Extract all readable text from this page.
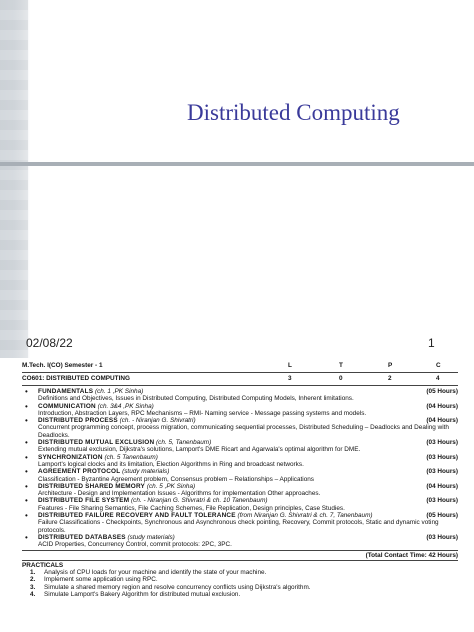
Distributed Computing
02/08/22	1
M.Tech. I(CO) Semester - 1	L	T	P	C
CO601: DISTRIBUTED COMPUTING	3	0	2	4
• FUNDAMENTALS (ch. 1 ,PK Sinha)	(05 Hours)
Definitions and Objectives, Issues in Distributed Computing, Distributed Computing Models, Inherent limitations.
• COMMUNICATION (ch. 3&4 ,PK Sinha)	(04 Hours)
Introduction, Abstraction Layers, RPC Mechanisms – RMI- Naming service - Message passing systems and models.
• DISTRIBUTED PROCESS (ch. - Niranjan G. Shivratri)	(04 Hours)
Concurrent programming concept, process migration, communicating sequential processes, Distributed Scheduling – Deadlocks and Dealing with Deadlocks.
• DISTRIBUTED MUTUAL EXCLUSION (ch. 5, Tanenbaum)	(03 Hours)
Extending mutual exclusion, Dijkstra's solutions, Lamport's DME Ricart and Agarwala's optimal algorithm for DME.
• SYNCHRONIZATION (ch. 5 Tanenbaum)	(03 Hours)
Lamport's logical clocks and its limitation, Election Algorithms in Ring and broadcast networks.
• AGREEMENT PROTOCOL (study materials)	(03 Hours)
Classification - Byzantine Agreement problem, Consensus problem – Relationships – Applications
• DISTRIBUTED SHARED MEMORY (ch. 5 ,PK Sinha)	(04 Hours)
Architecture - Design and Implementation Issues - Algorithms for implementation Other approaches.
• DISTRIBUTED FILE SYSTEM (ch. - Niranjan G. Shivratri & ch. 10 Tanenbaum)	(03 Hours)
Features - File Sharing Semantics, File Caching Schemes, File Replication, Design principles, Case Studies.
• DISTRIBUTED FAILURE RECOVERY AND FAULT TOLERANCE (from Niranjan G. Shivratri & ch. 7, Tanenbaum)	(05 Hours)
Failure Classifications - Checkpoints, Synchronous and Asynchronous check pointing, Recovery, Commit protocols, Static and dynamic voting protocols.
• DISTRIBUTED DATABASES (study materials)	(03 Hours)
ACID Properties, Concurrency Control, commit protocols: 2PC, 3PC.
(Total Contact Time: 42 Hours)
PRACTICALS
1. Analysis of CPU loads for your machine and identify the state of your machine.
2. Implement some application using RPC.
3. Simulate a shared memory region and resolve concurrency conflicts using Dijkstra's algorithm.
4. Simulate Lamport's Bakery Algorithm for distributed mutual exclusion.
